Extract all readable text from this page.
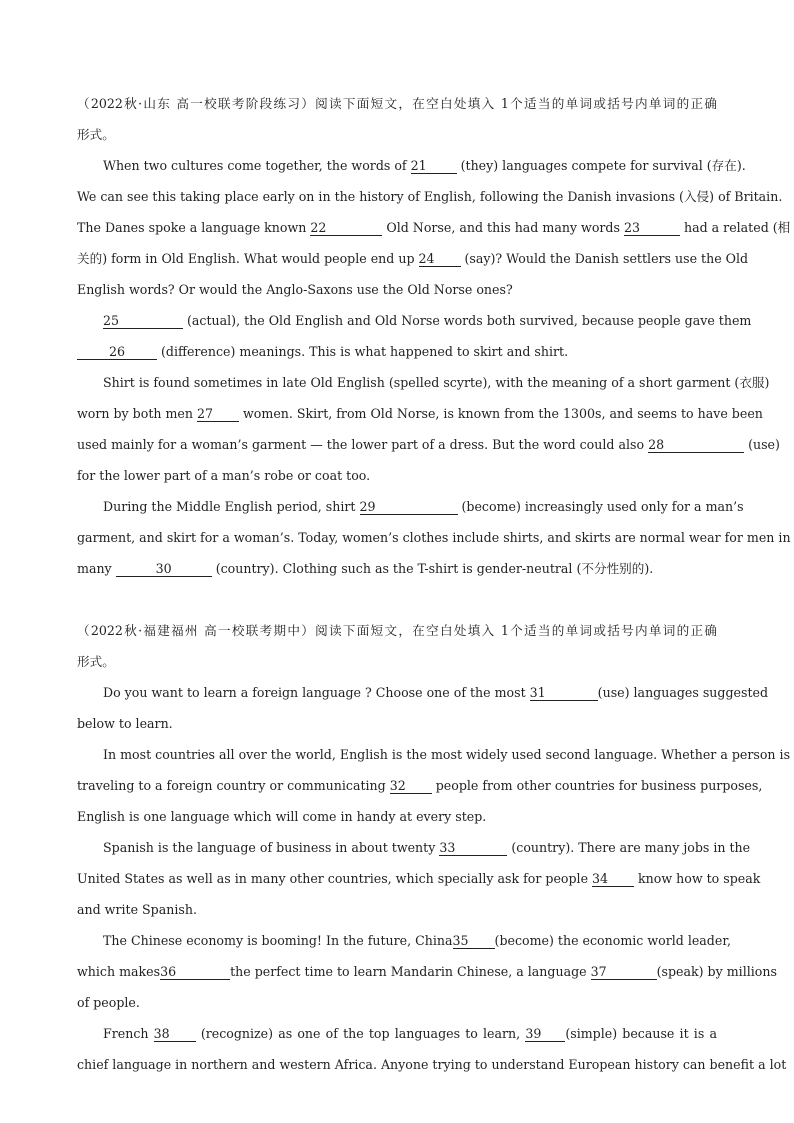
（2022秋·山东 高一校联考阶段练习）阅读下面短文，在空白处填入 1个适当的单词或括号内单词的正确
形式。
When two cultures come together, the words of 21 (they) languages compete for survival (存在).
We can see this taking place early on in the history of English, following the Danish invasions (入侵) of Britain.
The Danes spoke a language known 22	Old Norse, and this had many words 23	had a related (相
关的) form in Old English. What would people end up 24 (say)? Would the Danish settlers use the Old
English words? Or would the Anglo-Saxons use the Old Norse ones?
25	(actual), the Old English and Old Norse words both survived, because people gave them
26	(difference) meanings. This is what happened to skirt and shirt.
Shirt is found sometimes in late Old English (spelled scyrte), with the meaning of a short garment (衣服)
worn by both men 27 women. Skirt, from Old Norse, is known from the 1300s, and seems to have been
used mainly for a woman’s garment — the lower part of a dress. But the word could also 28	(use)
for the lower part of a man’s robe or coat too.
During the Middle English period, shirt 29	(become) increasingly used only for a man’s
garment, and skirt for a woman’s. Today, women’s clothes include shirts, and skirts are normal wear for men in
many	30	(country). Clothing such as the T-shirt is gender-neutral (不分性别的).
（2022秋·福建福州 高一校联考期中）阅读下面短文，在空白处填入 1个适当的单词或括号内单词的正确
形式。
Do you want to learn a foreign language ? Choose one of the most 31	(use) languages suggested
below to learn.
In most countries all over the world, English is the most widely used second language. Whether a person is
traveling to a foreign country or communicating 32 people from other countries for business purposes,
English is one language which will come in handy at every step.
Spanish is the language of business in about twenty 33	(country). There are many jobs in the
United States as well as in many other countries, which specially ask for people 34 know how to speak
and write Spanish.
The Chinese economy is booming! In the future, China35 (become) the economic world leader,
which makes36	the perfect time to learn Mandarin Chinese, a language 37	(speak) by millions
of people.
French 38 (recognize) as one of the top languages to learn, 39 (simple) because it is a
chief language in northern and western Africa. Anyone trying to understand European history can benefit a lot
